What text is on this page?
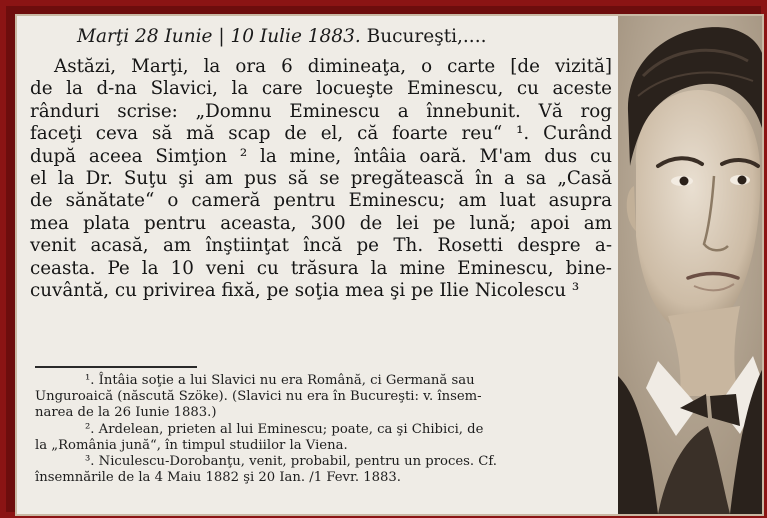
Marţi 28 Iunie | 10 Iulie 1883. Bucureşti,....
Astăzi, Marţi, la ora 6 dimineaţa, o carte [de vizită]
de la d-na Slavici, la care locueşte Eminescu, cu aceste
rânduri scrise: „Domnu Eminescu a înnebunit. Vă rog
faceţi ceva să mă scap de el, că foarte reu“ ¹. Curând
după aceea Simţion ² la mine, întâia oară. M'am dus cu
el la Dr. Suţu şi am pus să se pregătească în a sa „Casă
de sănătate“ o cameră pentru Eminescu; am luat asupra
mea plata pentru aceasta, 300 de lei pe lună; apoi am
venit acasă, am înştiinţat încă pe Th. Rosetti despre a-
ceasta. Pe la 10 veni cu trăsura la mine Eminescu, bine-
cuvântă, cu privirea fixă, pe soţia mea şi pe Ilie Nicolescu ³
¹. Întâia soţie a lui Slavici nu era Română, ci Germană sau
Unguroaică (născută Szöke). (Slavici nu era în Bucureşti: v. însem-
narea de la 26 Iunie 1883.)
². Ardelean, prieten al lui Eminescu; poate, ca şi Chibici, de
la „România jună“, în timpul studiilor la Viena.
³. Niculescu-Dorobanţu, venit, probabil, pentru un proces. Cf.
însemnările de la 4 Maiu 1882 şi 20 Ian. /1 Fevr. 1883.
